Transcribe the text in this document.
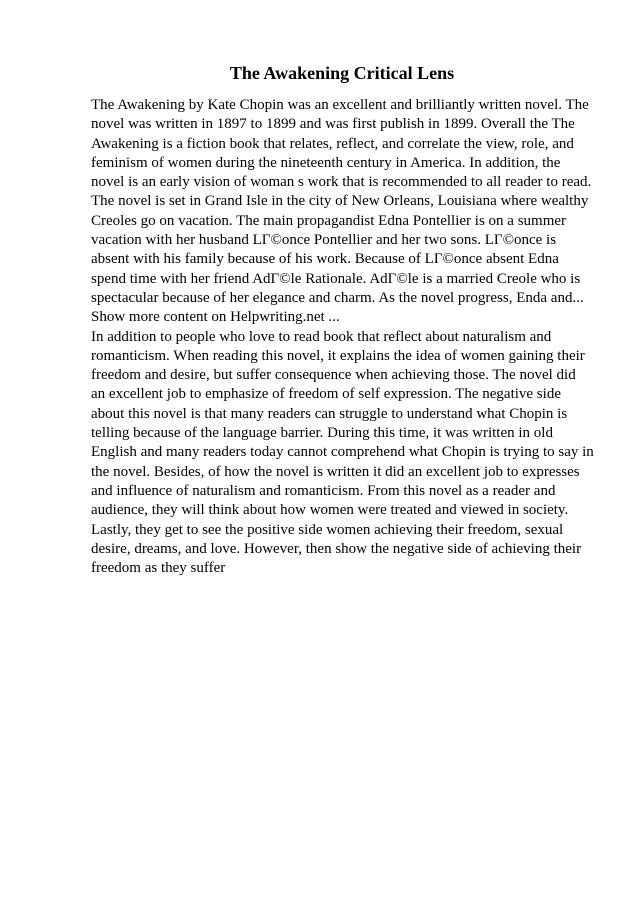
The Awakening Critical Lens
The Awakening by Kate Chopin was an excellent and brilliantly written novel. The
novel was written in 1897 to 1899 and was first publish in 1899. Overall the The
Awakening is a fiction book that relates, reflect, and correlate the view, role, and
feminism of women during the nineteenth century in America. In addition, the
novel is an early vision of woman s work that is recommended to all reader to read.
The novel is set in Grand Isle in the city of New Orleans, Louisiana where wealthy
Creoles go on vacation. The main propagandist Edna Pontellier is on a summer
vacation with her husband LГ©once Pontellier and her two sons. LГ©once is
absent with his family because of his work. Because of LГ©once absent Edna
spend time with her friend AdГ©le Rationale. AdГ©le is a married Creole who is
spectacular because of her elegance and charm. As the novel progress, Enda and...
Show more content on Helpwriting.net ...
In addition to people who love to read book that reflect about naturalism and
romanticism. When reading this novel, it explains the idea of women gaining their
freedom and desire, but suffer consequence when achieving those. The novel did
an excellent job to emphasize of freedom of self expression. The negative side
about this novel is that many readers can struggle to understand what Chopin is
telling because of the language barrier. During this time, it was written in old
English and many readers today cannot comprehend what Chopin is trying to say in
the novel. Besides, of how the novel is written it did an excellent job to expresses
and influence of naturalism and romanticism. From this novel as a reader and
audience, they will think about how women were treated and viewed in society.
Lastly, they get to see the positive side women achieving their freedom, sexual
desire, dreams, and love. However, then show the negative side of achieving their
freedom as they suffer
